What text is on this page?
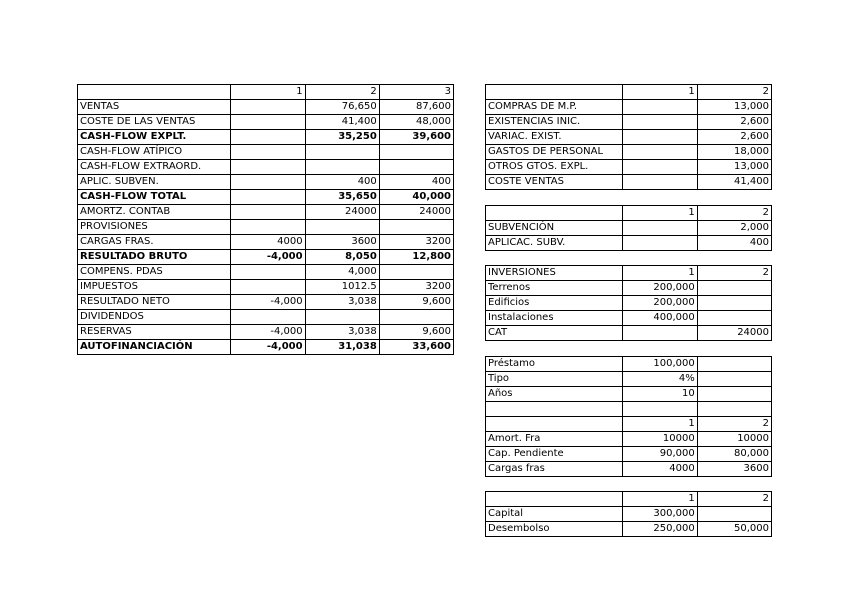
	1	2	3
VENTAS		76,650	87,600
COSTE DE LAS VENTAS		41,400	48,000
CASH-FLOW EXPLT.		35,250	39,600
CASH-FLOW ATÍPICO			
CASH-FLOW EXTRAORD.			
APLIC. SUBVEN.		400	400
CASH-FLOW TOTAL		35,650	40,000
AMORTZ. CONTAB		24000	24000
PROVISIONES			
CARGAS FRAS.	4000	3600	3200
RESULTADO BRUTO	-4,000	8,050	12,800
COMPENS. PDAS		4,000	
IMPUESTOS		1012.5	3200
RESULTADO NETO	-4,000	3,038	9,600
DIVIDENDOS			
RESERVAS	-4,000	3,038	9,600
AUTOFINANCIACIÓN	-4,000	31,038	33,600
	1	2
COMPRAS DE M.P.		13,000
EXISTENCIAS INIC.		2,600
VARIAC. EXIST.		2,600
GASTOS DE PERSONAL		18,000
OTROS GTOS. EXPL.		13,000
COSTE VENTAS		41,400
	1	2
SUBVENCIÓN		2,000
APLICAC. SUBV.		400
INVERSIONES	1	2
Terrenos	200,000	
Edificios	200,000	
Instalaciones	400,000	
CAT		24000
Préstamo	100,000	
Tipo	4%	
Años	10	

	1	2
Amort. Fra	10000	10000
Cap. Pendiente	90,000	80,000
Cargas fras	4000	3600
	1	2
Capital	300,000	
Desembolso	250,000	50,000
